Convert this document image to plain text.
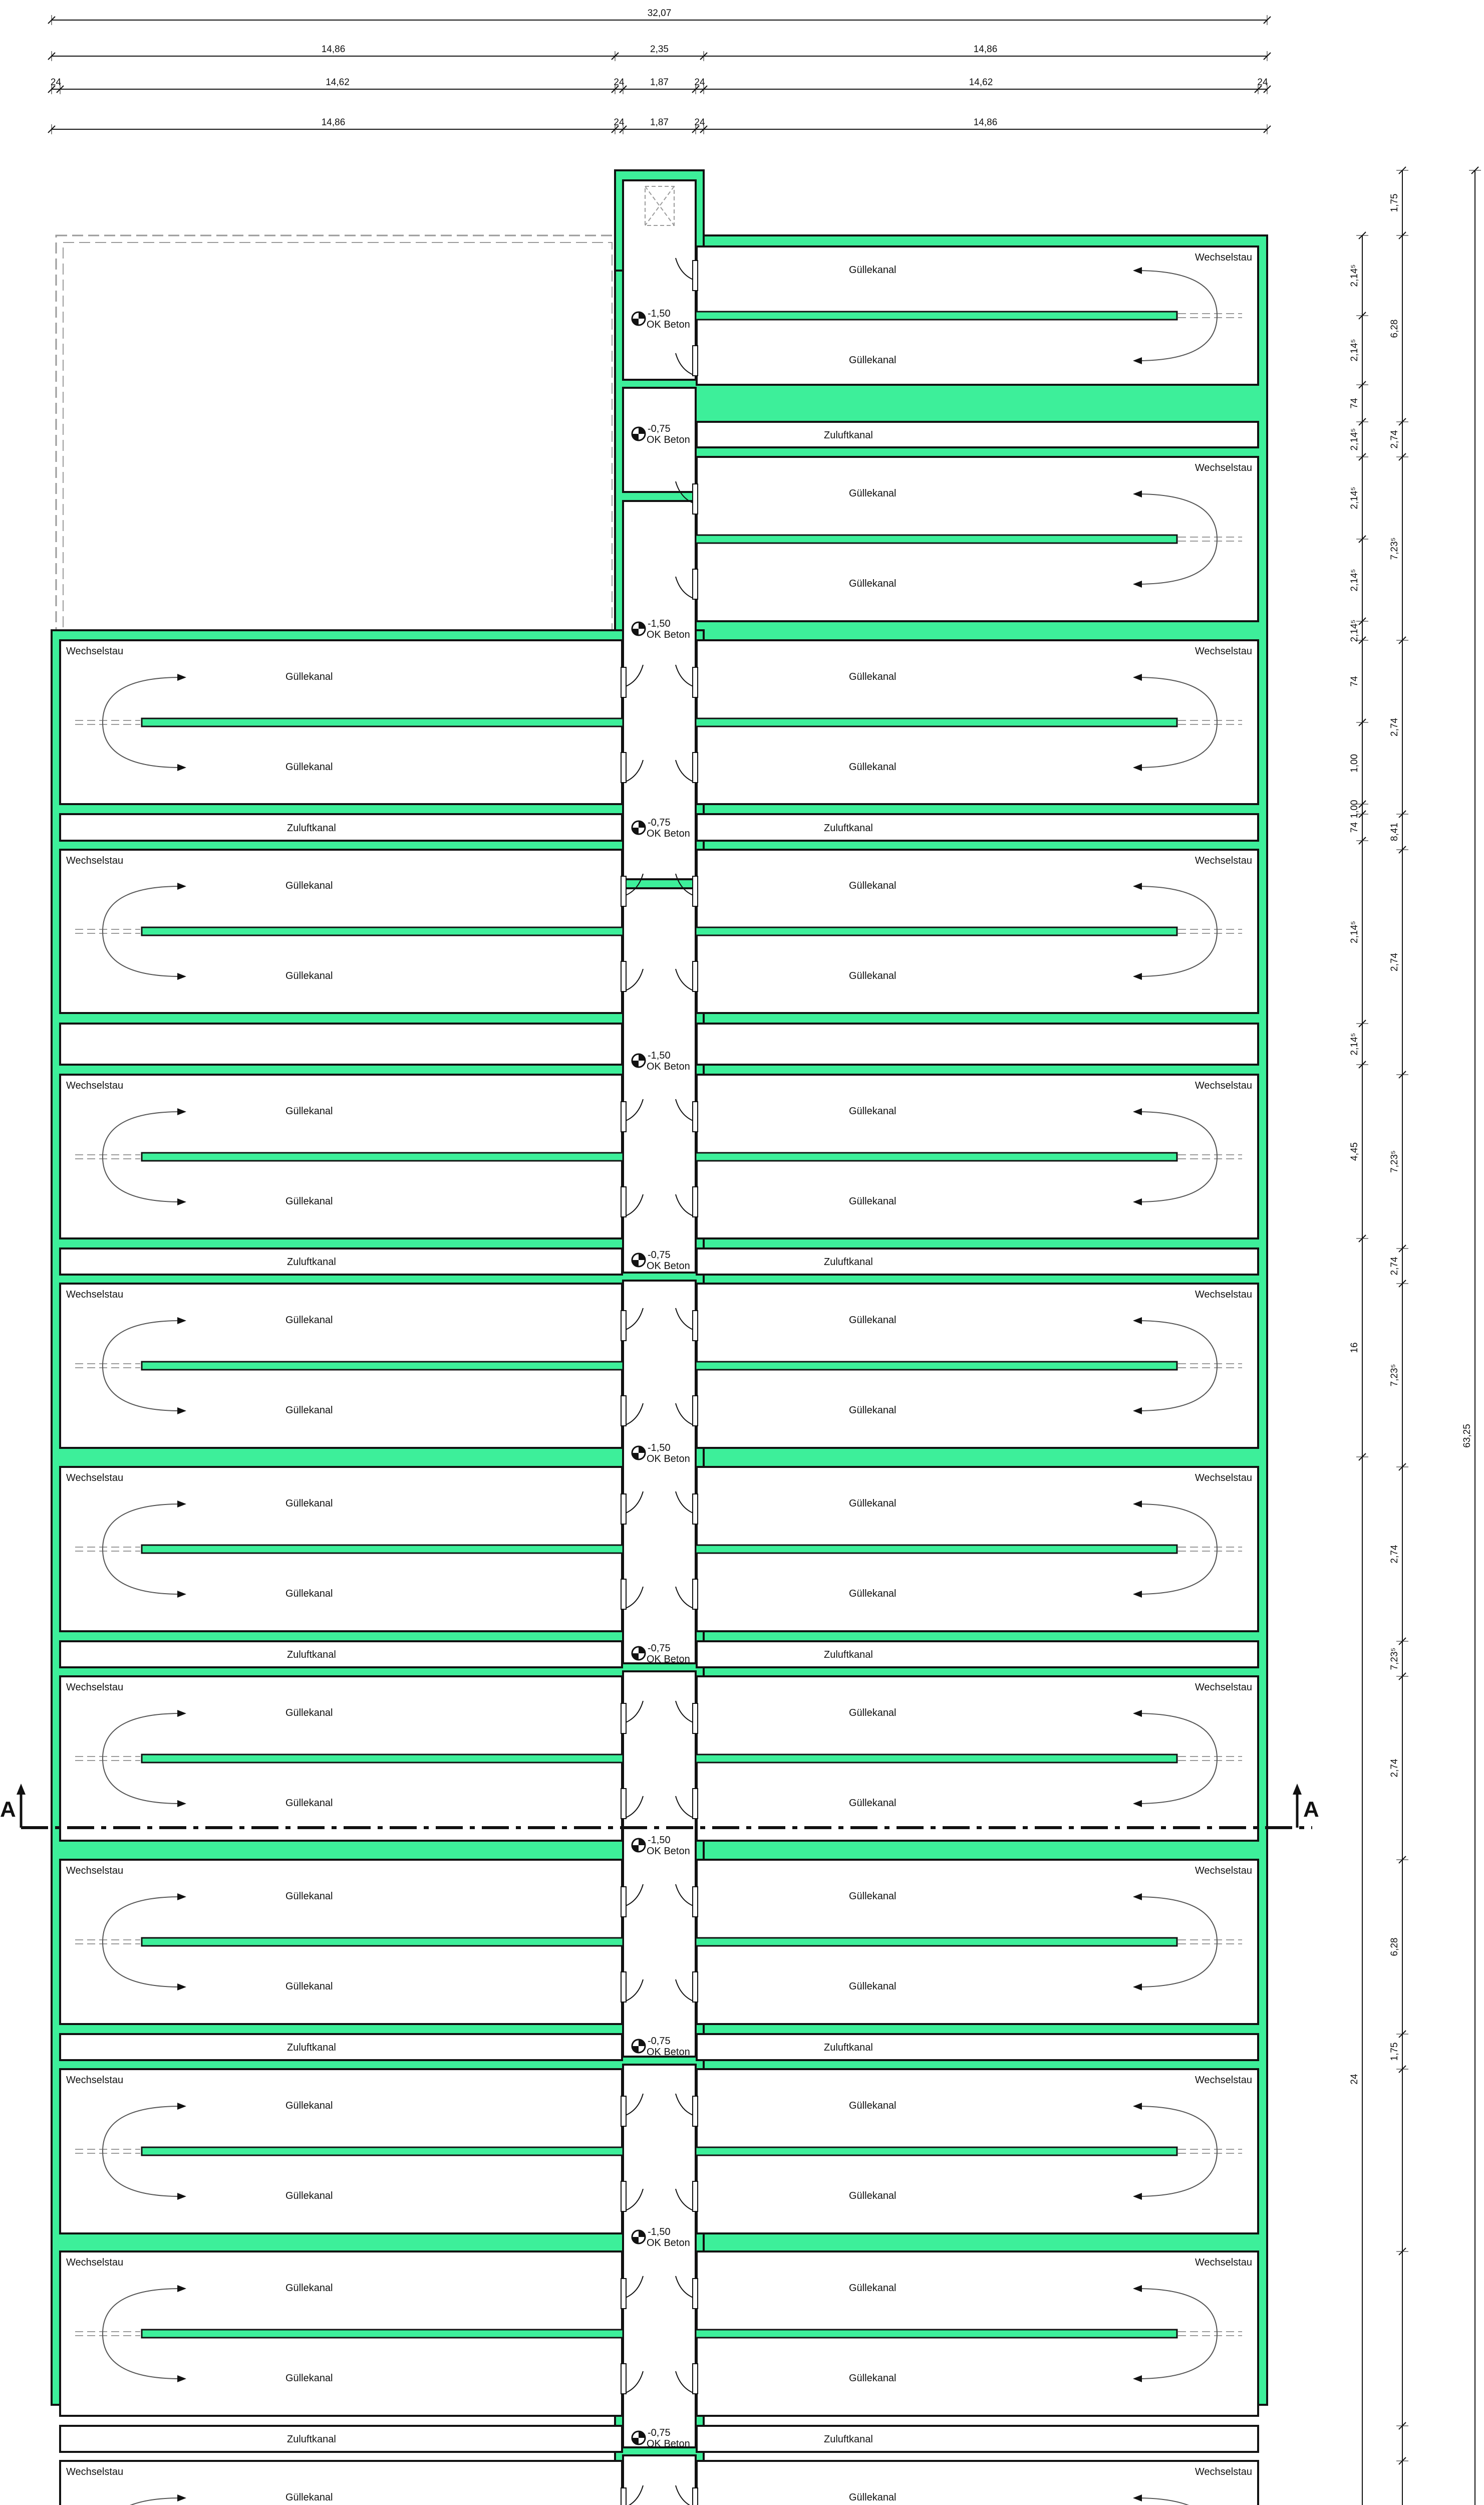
Güllekanal
Güllekanal
Wechselstau
Güllekanal
Güllekanal
Wechselstau
Güllekanal
Güllekanal
Wechselstau
Güllekanal
Güllekanal
Wechselstau
Güllekanal
Güllekanal
Wechselstau
Güllekanal
Güllekanal
Wechselstau
Güllekanal
Güllekanal
Wechselstau
Güllekanal
Güllekanal
Wechselstau
Güllekanal
Güllekanal
Wechselstau
Güllekanal
Güllekanal
Wechselstau
Güllekanal
Güllekanal
Wechselstau
Güllekanal
Güllekanal
Wechselstau
Güllekanal
Güllekanal
Wechselstau
Güllekanal
Güllekanal
Wechselstau
Güllekanal
Güllekanal
Wechselstau
Güllekanal
Güllekanal
Wechselstau
Güllekanal
Güllekanal
Wechselstau
Güllekanal
Güllekanal
Wechselstau
Güllekanal
Güllekanal
Wechselstau
Güllekanal
Güllekanal
Wechselstau
Güllekanal
Wechselstau
Güllekanal
Wechselstau
Zuluftkanal
Zuluftkanal
Zuluftkanal
Zuluftkanal
Zuluftkanal
Zuluftkanal
Zuluftkanal
Zuluftkanal
Zuluftkanal
Zuluftkanal
Zuluftkanal
-1,50
OK Beton
-0,75
OK Beton
-1,50
OK Beton
-0,75
OK Beton
-1,50
OK Beton
-0,75
OK Beton
-1,50
OK Beton
-0,75
OK Beton
-1,50
OK Beton
-0,75
OK Beton
-1,50
OK Beton
-0,75
OK Beton
32,07
14,86	2,35	14,86
24	14,62	24	1,87	24	14,62	24
14,86	24	1,87	24	14,86
1,75
6,28
2,74
7,23⁵
2,74
8,41
2,74
7,23⁵
2,74
7,23⁵
2,74
7,23⁵
2,74
6,28
1,75
2,14⁵
2,14⁵
74
2,14⁵
2,14⁵
2,14⁵
2,14⁵
74
1,00
1,00
74
2,14⁵
2,14⁵
4,45
16
24
63,25
A	A
